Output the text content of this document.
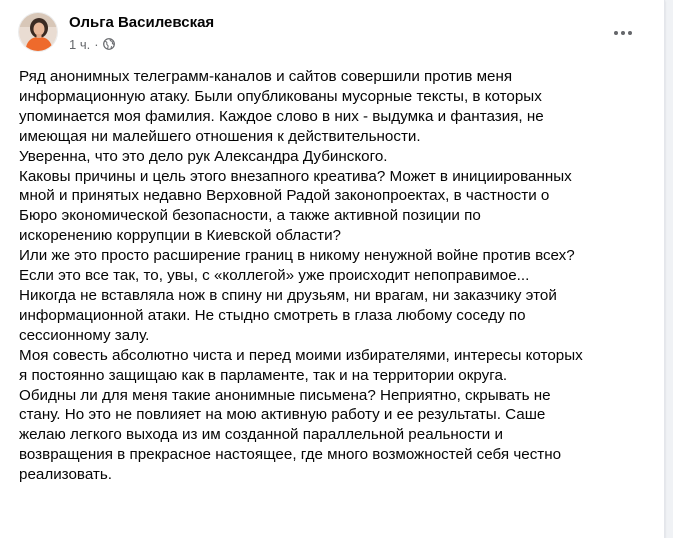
Ольга Василевская
1 ч. ·
Ряд анонимных телеграмм-каналов и сайтов совершили против меня
информационную атаку. Были опубликованы мусорные тексты, в которых
упоминается моя фамилия. Каждое слово в них - выдумка и фантазия, не
имеющая ни малейшего отношения к действительности.
Уверенна, что это дело рук Александра Дубинского.
Каковы причины и цель этого внезапного креатива? Может в инициированных
мной и принятых недавно Верховной Радой законопроектах, в частности о
Бюро экономической безопасности, а также активной позиции по
искоренению коррупции в Киевской области?
Или же это просто расширение границ в никому ненужной войне против всех?
Если это все так, то, увы, с «коллегой» уже происходит непоправимое...
Никогда не вставляла нож в спину ни друзьям, ни врагам, ни заказчику этой
информационной атаки. Не стыдно смотреть в глаза любому соседу по
сессионному залу.
Моя совесть абсолютно чиста и перед моими избирателями, интересы которых
я постоянно защищаю как в парламенте, так и на территории округа.
Обидны ли для меня такие анонимные письмена? Неприятно, скрывать не
стану. Но это не повлияет на мою активную работу и ее результаты. Саше
желаю легкого выхода из им созданной параллельной реальности и
возвращения в прекрасное настоящее, где много возможностей себя честно
реализовать.
